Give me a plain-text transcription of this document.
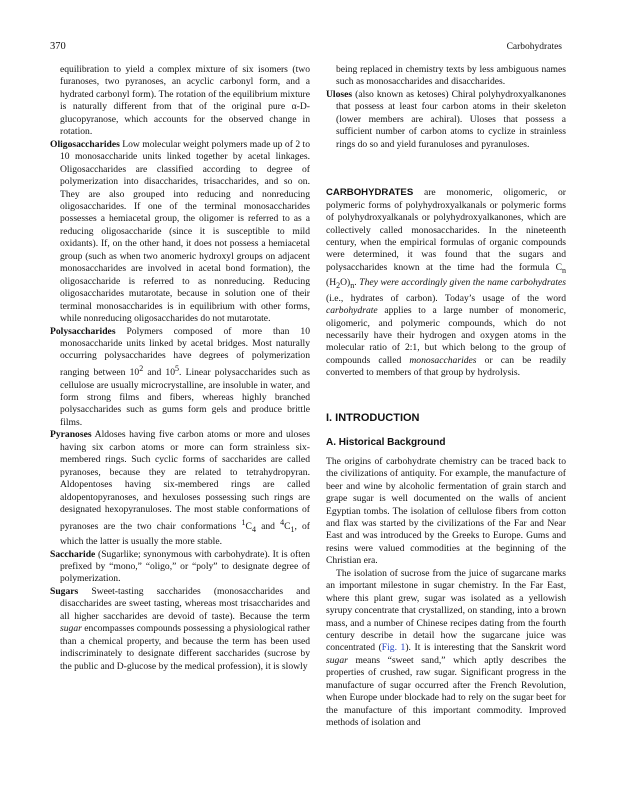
370	Carbohydrates

equilibration to yield a complex mixture of six isomers (two furanoses, two pyranoses, an acyclic carbonyl form, and a hydrated carbonyl form). The rotation of the equilibrium mixture is naturally different from that of the original pure α-D-glucopyranose, which accounts for the observed change in rotation.

Oligosaccharides Low molecular weight polymers made up of 2 to 10 monosaccharide units linked together by acetal linkages. Oligosaccharides are classified according to degree of polymerization into disaccharides, trisaccharides, and so on. They are also grouped into reducing and nonreducing oligosaccharides. If one of the terminal monosaccharides possesses a hemiacetal group, the oligomer is referred to as a reducing oligosaccharide (since it is susceptible to mild oxidants). If, on the other hand, it does not possess a hemiacetal group (such as when two anomeric hydroxyl groups on adjacent monosaccharides are involved in acetal bond formation), the oligosaccharide is referred to as nonreducing. Reducing oligosaccharides mutarotate, because in solution one of their terminal monosaccharides is in equilibrium with other forms, while nonreducing oligosaccharides do not mutarotate.

Polysaccharides Polymers composed of more than 10 monosaccharide units linked by acetal bridges. Most naturally occurring polysaccharides have degrees of polymerization ranging between $10^2$ and $10^5$. Linear polysaccharides such as cellulose are usually microcrystalline, are insoluble in water, and form strong films and fibers, whereas highly branched polysaccharides such as gums form gels and produce brittle films.

Pyranoses Aldoses having five carbon atoms or more and uloses having six carbon atoms or more can form strainless six-membered rings. Such cyclic forms of saccharides are called pyranoses, because they are related to tetrahydropyran. Aldopentoses having six-membered rings are called aldopentopyranoses, and hexuloses possessing such rings are designated hexopyranuloses. The most stable conformations of pyranoses are the two chair conformations $^1C_4$ and $^4C_1$, of which the latter is usually the more stable.

Saccharide (Sugarlike; synonymous with carbohydrate). It is often prefixed by “mono,” “oligo,” or “poly” to designate degree of polymerization.

Sugars Sweet-tasting saccharides (monosaccharides and disaccharides are sweet tasting, whereas most trisaccharides and all higher saccharides are devoid of taste). Because the term sugar encompasses compounds possessing a physiological rather than a chemical property, and because the term has been used indiscriminately to designate different saccharides (sucrose by the public and D-glucose by the medical profession), it is slowly

being replaced in chemistry texts by less ambiguous names such as monosaccharides and disaccharides.

Uloses (also known as ketoses) Chiral polyhydroxyalkanones that possess at least four carbon atoms in their skeleton (lower members are achiral). Uloses that possess a sufficient number of carbon atoms to cyclize in strainless rings do so and yield furanuloses and pyranuloses.

CARBOHYDRATES are monomeric, oligomeric, or polymeric forms of polyhydroxyalkanals or polymeric forms of polyhydroxyalkanals or polyhydroxyalkanones, which are collectively called monosaccharides. In the nineteenth century, when the empirical formulas of organic compounds were determined, it was found that the sugars and polysaccharides known at the time had the formula $C_n$ $(H_2O)_n$. They were accordingly given the name carbohydrates (i.e., hydrates of carbon). Today’s usage of the word carbohydrate applies to a large number of monomeric, oligomeric, and polymeric compounds, which do not necessarily have their hydrogen and oxygen atoms in the molecular ratio of 2:1, but which belong to the group of compounds called monosaccharides or can be readily converted to members of that group by hydrolysis.

I. INTRODUCTION

A. Historical Background

The origins of carbohydrate chemistry can be traced back to the civilizations of antiquity. For example, the manufacture of beer and wine by alcoholic fermentation of grain starch and grape sugar is well documented on the walls of ancient Egyptian tombs. The isolation of cellulose fibers from cotton and flax was started by the civilizations of the Far and Near East and was introduced by the Greeks to Europe. Gums and resins were valued commodities at the beginning of the Christian era.

The isolation of sucrose from the juice of sugarcane marks an important milestone in sugar chemistry. In the Far East, where this plant grew, sugar was isolated as a yellowish syrupy concentrate that crystallized, on standing, into a brown mass, and a number of Chinese recipes dating from the fourth century describe in detail how the sugarcane juice was concentrated (Fig. 1). It is interesting that the Sanskrit word sugar means “sweet sand,” which aptly describes the properties of crushed, raw sugar. Significant progress in the manufacture of sugar occurred after the French Revolution, when Europe under blockade had to rely on the sugar beet for the manufacture of this important commodity. Improved methods of isolation and
